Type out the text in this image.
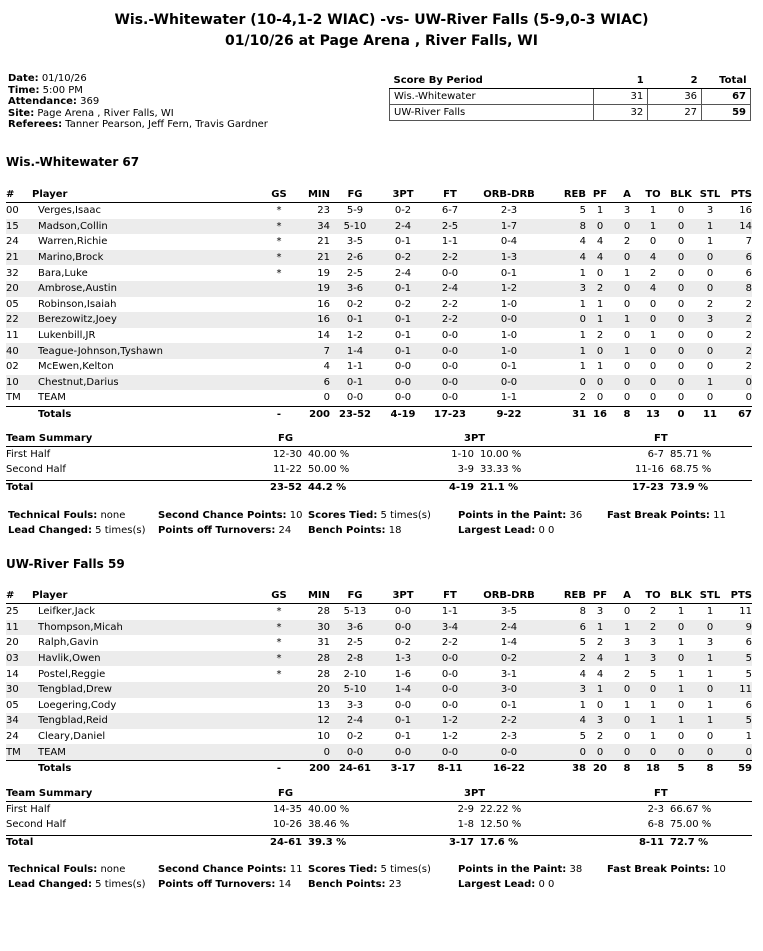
Wis.-Whitewater (10-4,1-2 WIAC) -vs- UW-River Falls (5-9,0-3 WIAC)
01/10/26 at Page Arena , River Falls, WI
Date: 01/10/26
Time: 5:00 PM
Attendance: 369
Site: Page Arena , River Falls, WI
Referees: Tanner Pearson, Jeff Fern, Travis Gardner
Score By Period	1	2	Total
Wis.-Whitewater	31	36	67
UW-River Falls	32	27	59
Wis.-Whitewater 67
#	Player	GS	MIN	FG	3PT	FT	ORB-DRB	REB	PF	A	TO	BLK	STL	PTS
00	Verges,Isaac	*	23	5-9	0-2	6-7	2-3	5	1	3	1	0	3	16
15	Madson,Collin	*	34	5-10	2-4	2-5	1-7	8	0	0	1	0	1	14
24	Warren,Richie	*	21	3-5	0-1	1-1	0-4	4	4	2	0	0	1	7
21	Marino,Brock	*	21	2-6	0-2	2-2	1-3	4	4	0	4	0	0	6
32	Bara,Luke	*	19	2-5	2-4	0-0	0-1	1	0	1	2	0	0	6
20	Ambrose,Austin		19	3-6	0-1	2-4	1-2	3	2	0	4	0	0	8
05	Robinson,Isaiah		16	0-2	0-2	2-2	1-0	1	1	0	0	0	2	2
22	Berezowitz,Joey		16	0-1	0-1	2-2	0-0	0	1	1	0	0	3	2
11	Lukenbill,JR		14	1-2	0-1	0-0	1-0	1	2	0	1	0	0	2
40	Teague-Johnson,Tyshawn		7	1-4	0-1	0-0	1-0	1	0	1	0	0	0	2
02	McEwen,Kelton		4	1-1	0-0	0-0	0-1	1	1	0	0	0	0	2
10	Chestnut,Darius		6	0-1	0-0	0-0	0-0	0	0	0	0	0	1	0
TM	TEAM		0	0-0	0-0	0-0	1-1	2	0	0	0	0	0	0
	Totals	-	200	23-52	4-19	17-23	9-22	31	16	8	13	0	11	67
Team Summary	FG	3PT	FT
First Half	12-30 40.00 %	1-10 10.00 %	6-7 85.71 %
Second Half	11-22 50.00 %	3-9 33.33 %	11-16 68.75 %
Total	23-52 44.2 %	4-19 21.1 %	17-23 73.9 %
Technical Fouls: none	Second Chance Points: 10 Scores Tied: 5 times(s)	Points in the Paint: 36 Fast Break Points: 11
Lead Changed: 5 times(s) Points off Turnovers: 24 Bench Points: 18	Largest Lead: 0 0
UW-River Falls 59
#	Player	GS	MIN	FG	3PT	FT	ORB-DRB	REB	PF	A	TO	BLK	STL	PTS
25	Leifker,Jack	*	28	5-13	0-0	1-1	3-5	8	3	0	2	1	1	11
11	Thompson,Micah	*	30	3-6	0-0	3-4	2-4	6	1	1	2	0	0	9
20	Ralph,Gavin	*	31	2-5	0-2	2-2	1-4	5	2	3	3	1	3	6
03	Havlik,Owen	*	28	2-8	1-3	0-0	0-2	2	4	1	3	0	1	5
14	Postel,Reggie	*	28	2-10	1-6	0-0	3-1	4	4	2	5	1	1	5
30	Tengblad,Drew		20	5-10	1-4	0-0	3-0	3	1	0	0	1	0	11
05	Loegering,Cody		13	3-3	0-0	0-0	0-1	1	0	1	1	0	1	6
34	Tengblad,Reid		12	2-4	0-1	1-2	2-2	4	3	0	1	1	1	5
24	Cleary,Daniel		10	0-2	0-1	1-2	2-3	5	2	0	1	0	0	1
TM	TEAM		0	0-0	0-0	0-0	0-0	0	0	0	0	0	0	0
	Totals	-	200	24-61	3-17	8-11	16-22	38	20	8	18	5	8	59
Team Summary	FG	3PT	FT
First Half	14-35 40.00 %	2-9 22.22 %	2-3 66.67 %
Second Half	10-26 38.46 %	1-8 12.50 %	6-8 75.00 %
Total	24-61 39.3 %	3-17 17.6 %	8-11 72.7 %
Technical Fouls: none	Second Chance Points: 11 Scores Tied: 5 times(s)	Points in the Paint: 38 Fast Break Points: 10
Lead Changed: 5 times(s) Points off Turnovers: 14 Bench Points: 23	Largest Lead: 0 0
